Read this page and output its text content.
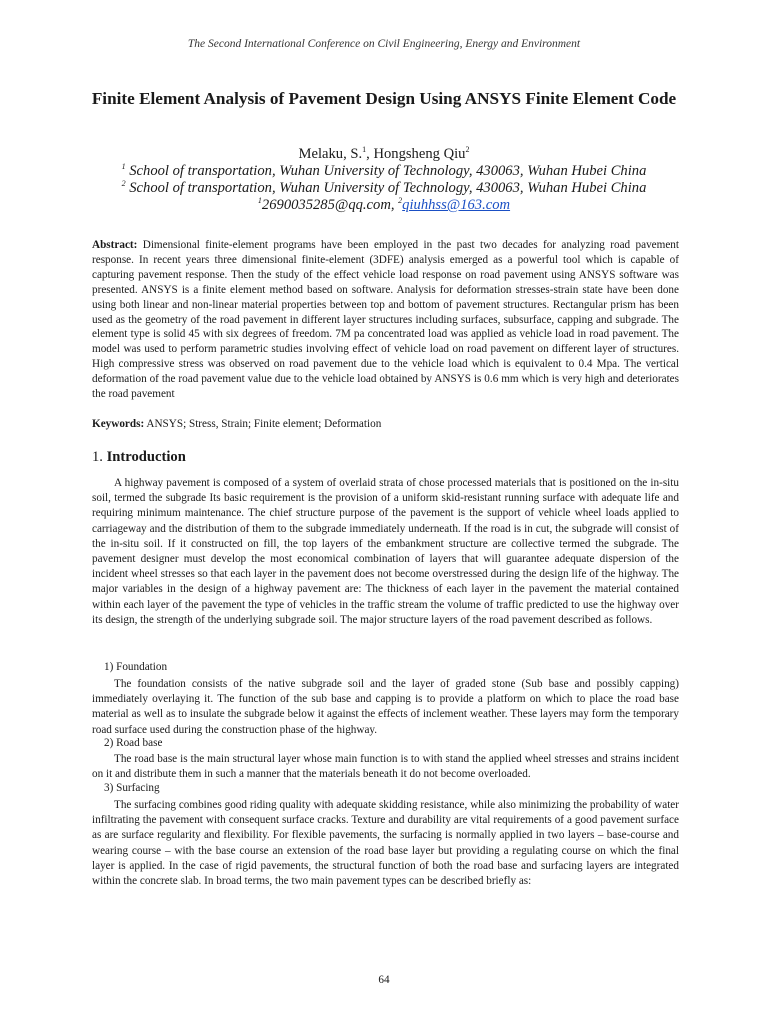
The Second International Conference on Civil Engineering, Energy and Environment
Finite Element Analysis of Pavement Design Using ANSYS Finite Element Code
Melaku, S.$^1$, Hongsheng Qiu$^2$
$^1$ School of transportation, Wuhan University of Technology, 430063, Wuhan Hubei China
$^2$ School of transportation, Wuhan University of Technology, 430063, Wuhan Hubei China
$^1$2690035285@qq.com, $^2$qiuhhss@163.com

Abstract: Dimensional finite-element programs have been employed in the past two decades for analyzing road pavement response. In recent years three dimensional finite-element (3DFE) analysis emerged as a powerful tool which is capable of capturing pavement response. Then the study of the effect vehicle load response on road pavement using ANSYS software was presented. ANSYS is a finite element method based on software. Analysis for deformation stresses-strain state have been done using both linear and non-linear material properties between top and bottom of pavement structures. Rectangular prism has been used as the geometry of the road pavement in different layer structures including surfaces, subsurface, capping and subgrade. The element type is solid 45 with six degrees of freedom. 7M pa concentrated load was applied as vehicle load in road pavement. The model was used to perform parametric studies involving effect of vehicle load on road pavement on different layer of structures. High compressive stress was observed on road pavement due to the vehicle load which is equivalent to 0.4 Mpa. The vertical deformation of the road pavement value due to the vehicle load obtained by ANSYS is 0.6 mm which is very high and deteriorates the road pavement

Keywords: ANSYS; Stress, Strain; Finite element; Deformation
1. Introduction

A highway pavement is composed of a system of overlaid strata of chose processed materials that is positioned on the in-situ soil, termed the subgrade Its basic requirement is the provision of a uniform skid-resistant running surface with adequate life and requiring minimum maintenance. The chief structure purpose of the pavement is the support of vehicle wheel loads applied to carriageway and the distribution of them to the subgrade immediately underneath. If the road is in cut, the subgrade will consist of the in-situ soil. If it constructed on fill, the top layers of the embankment structure are collective termed the subgrade. The pavement designer must develop the most economical combination of layers that will guarantee adequate dispersion of the incident wheel stresses so that each layer in the pavement does not become overstressed during the design life of the highway. The major variables in the design of a highway pavement are: The thickness of each layer in the pavement the material contained within each layer of the pavement the type of vehicles in the traffic stream the volume of traffic predicted to use the highway over its design, the strength of the underlying subgrade soil. The major structure layers of the road pavement described as follows.

1) Foundation

The foundation consists of the native subgrade soil and the layer of graded stone (Sub base and possibly capping) immediately overlaying it. The function of the sub base and capping is to provide a platform on which to place the road base material as well as to insulate the subgrade below it against the effects of inclement weather. These layers may form the temporary road surface used during the construction phase of the highway.

2) Road base

The road base is the main structural layer whose main function is to with stand the applied wheel stresses and strains incident on it and distribute them in such a manner that the materials beneath it do not become overloaded.

3) Surfacing

The surfacing combines good riding quality with adequate skidding resistance, while also minimizing the probability of water infiltrating the pavement with consequent surface cracks. Texture and durability are vital requirements of a good pavement surface as are surface regularity and flexibility. For flexible pavements, the surfacing is normally applied in two layers – base-course and wearing course – with the base course an extension of the road base layer but providing a regulating course on which the final layer is applied. In the case of rigid pavements, the structural function of both the road base and surfacing layers are integrated within the concrete slab. In broad terms, the two main pavement types can be described briefly as:

64
